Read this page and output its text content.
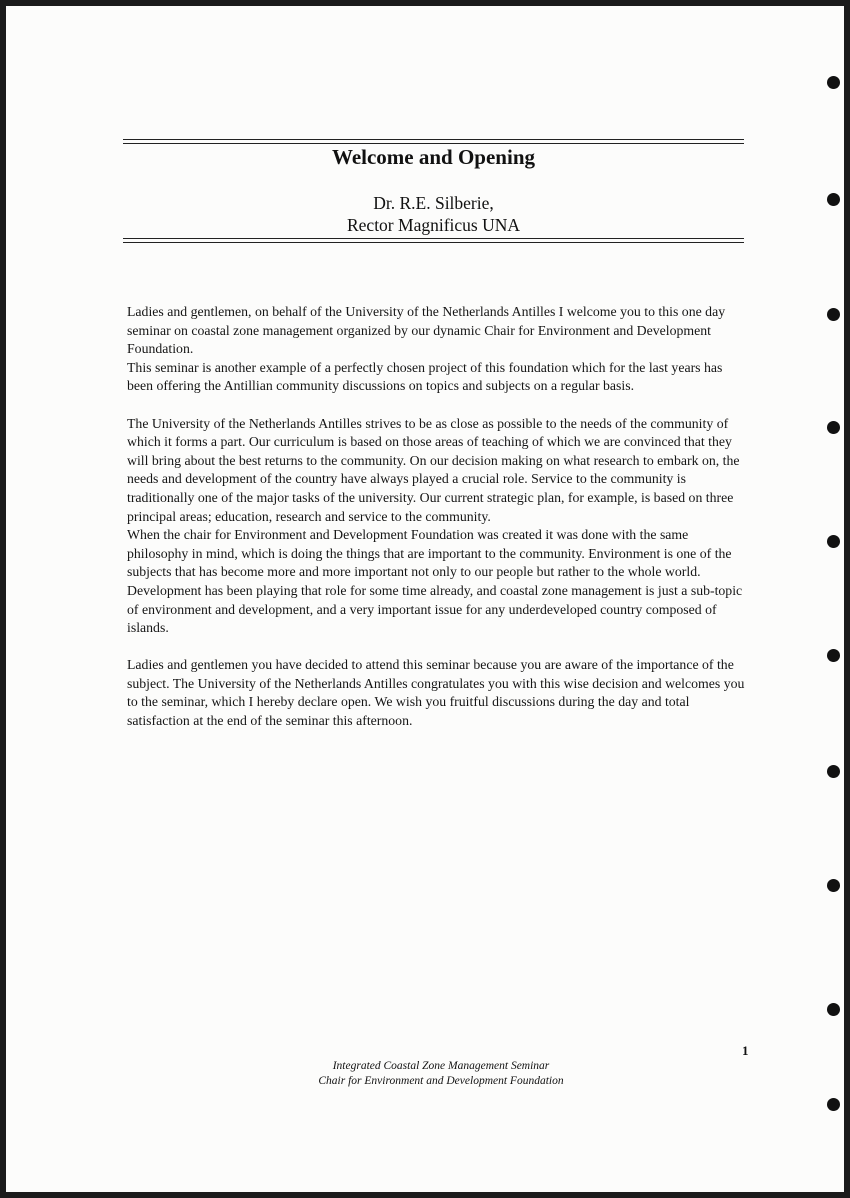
Welcome and Opening
Dr. R.E. Silberie,
Rector Magnificus UNA

Ladies and gentlemen, on behalf of the University of the Netherlands Antilles I welcome you to this one day seminar on coastal zone management organized by our dynamic Chair for Environment and Development Foundation.

This seminar is another example of a perfectly chosen project of this foundation which for the last years has been offering the Antillian community discussions on topics and subjects on a regular basis.

The University of the Netherlands Antilles strives to be as close as possible to the needs of the community of which it forms a part. Our curriculum is based on those areas of teaching of which we are convinced that they will bring about the best returns to the community. On our decision making on what research to embark on, the needs and development of the country have always played a crucial role. Service to the community is traditionally one of the major tasks of the university. Our current strategic plan, for example, is based on three principal areas; education, research and service to the community.

When the chair for Environment and Development Foundation was created it was done with the same philosophy in mind, which is doing the things that are important to the community. Environment is one of the subjects that has become more and more important not only to our people but rather to the whole world. Development has been playing that role for some time already, and coastal zone management is just a sub-topic of environment and development, and a very important issue for any underdeveloped country composed of islands.

Ladies and gentlemen you have decided to attend this seminar because you are aware of the importance of the subject. The University of the Netherlands Antilles congratulates you with this wise decision and welcomes you to the seminar, which I hereby declare open. We wish you fruitful discussions during the day and total satisfaction at the end of the seminar this afternoon.

1
Integrated Coastal Zone Management Seminar
Chair for Environment and Development Foundation
